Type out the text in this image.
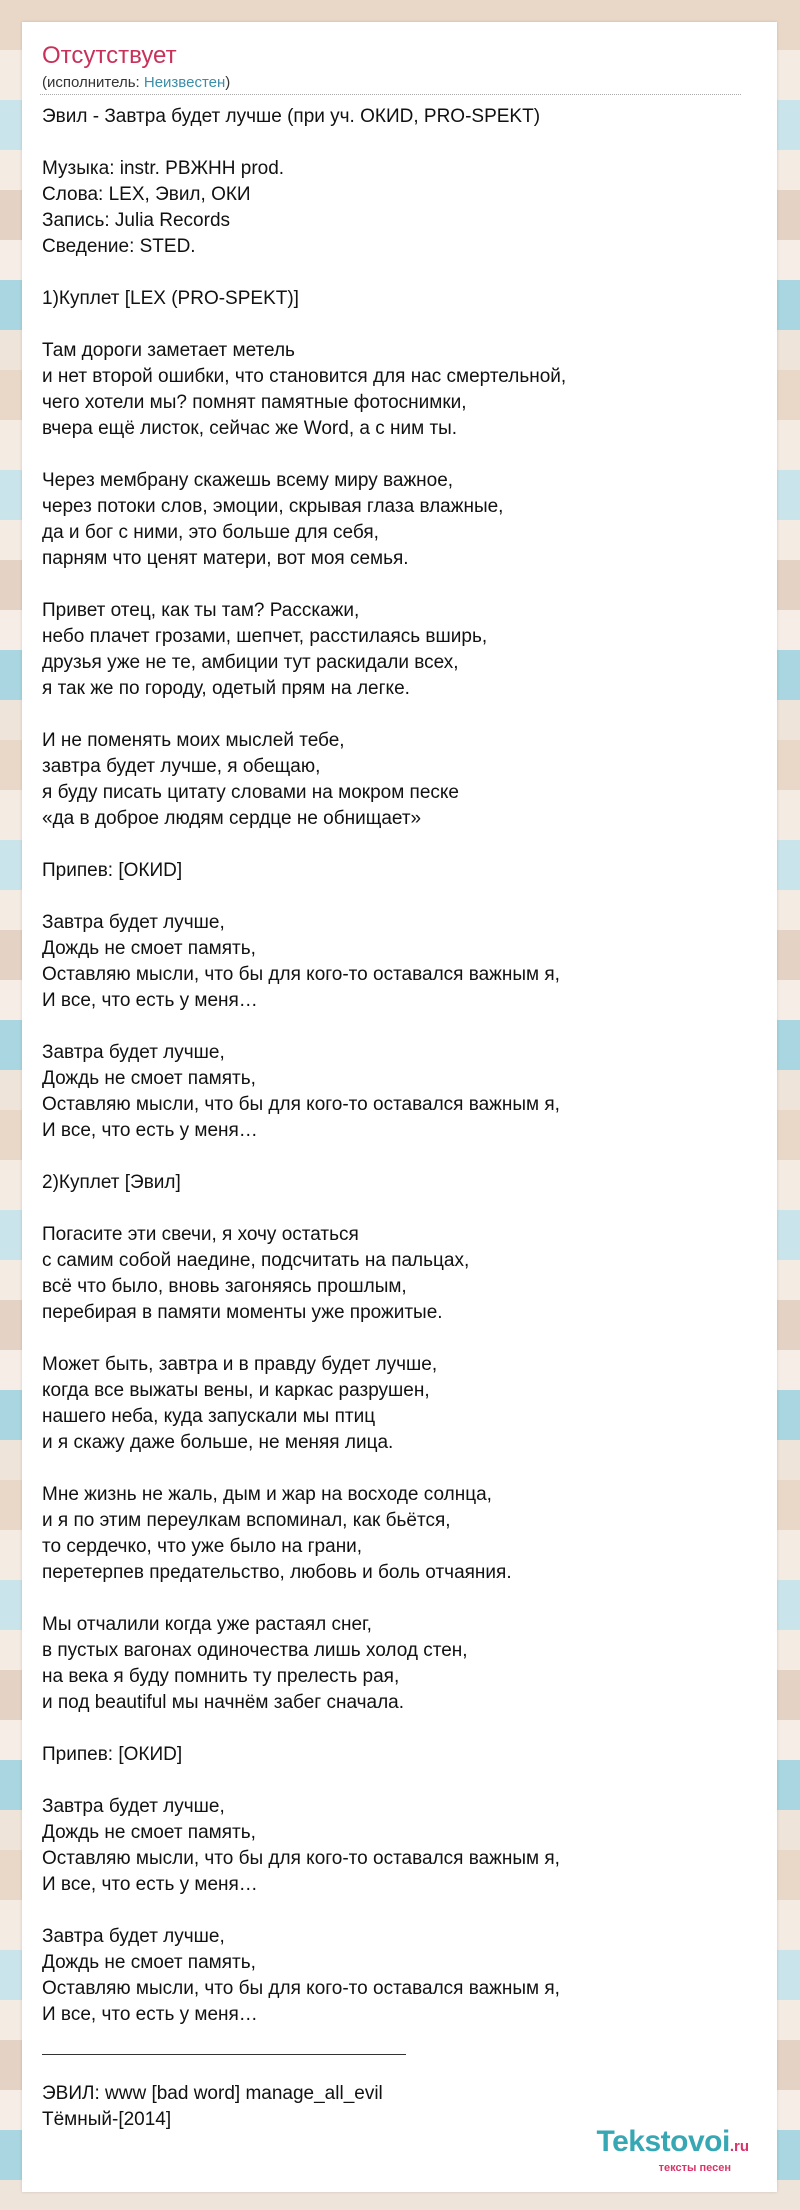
Отсутствует
(исполнитель: Неизвестен)
Эвил - Завтра будет лучше (при уч. ОКИD, PRO-SPEKT)
Музыка: instr. PBЖHH prod.
Слова: LEX, Эвил, ОКИ
Запись: Julia Records
Сведение: STED.
1)Куплет [LEX (PRO-SPEKT)]
Там дороги заметает метель
и нет второй ошибки, что становится для нас смертельной,
чего хотели мы? помнят памятные фотоснимки,
вчера ещё листок, сейчас же Word, а с ним ты.
Через мембрану скажешь всему миру важное,
через потоки слов, эмоции, скрывая глаза влажные,
да и бог с ними, это больше для себя,
парням что ценят матери, вот моя семья.
Привет отец, как ты там? Расскажи,
небо плачет грозами, шепчет, расстилаясь вширь,
друзья уже не те, амбиции тут раскидали всех,
я так же по городу, одетый прям на легке.
И не поменять моих мыслей тебе,
завтра будет лучше, я обещаю,
я буду писать цитату словами на мокром песке
«да в доброе людям сердце не обнищает»
Припев: [ОКИD]
Завтра будет лучше,
Дождь не смоет память,
Оставляю мысли, что бы для кого-то оставался важным я,
И все, что есть у меня…
Завтра будет лучше,
Дождь не смоет память,
Оставляю мысли, что бы для кого-то оставался важным я,
И все, что есть у меня…
2)Куплет [Эвил]
Погасите эти свечи, я хочу остаться
с самим собой наедине, подсчитать на пальцах,
всё что было, вновь загоняясь прошлым,
перебирая в памяти моменты уже прожитые.
Может быть, завтра и в правду будет лучше,
когда все выжаты вены, и каркас разрушен,
нашего неба, куда запускали мы птиц
и я скажу даже больше, не меняя лица.
Мне жизнь не жаль, дым и жар на восходе солнца,
и я по этим переулкам вспоминал, как бьётся,
то сердечко, что уже было на грани,
перетерпев предательство, любовь и боль отчаяния.
Мы отчалили когда уже растаял снег,
в пустых вагонах одиночества лишь холод стен,
на века я буду помнить ту прелесть рая,
и под beautiful мы начнём забег сначала.
Припев: [ОКИD]
Завтра будет лучше,
Дождь не смоет память,
Оставляю мысли, что бы для кого-то оставался важным я,
И все, что есть у меня…
Завтра будет лучше,
Дождь не смоет память,
Оставляю мысли, что бы для кого-то оставался важным я,
И все, что есть у меня…
ЭВИЛ: www [bad word] manage_all_evil
Тёмный-[2014]
Tekstovoi.ru
тексты песен
